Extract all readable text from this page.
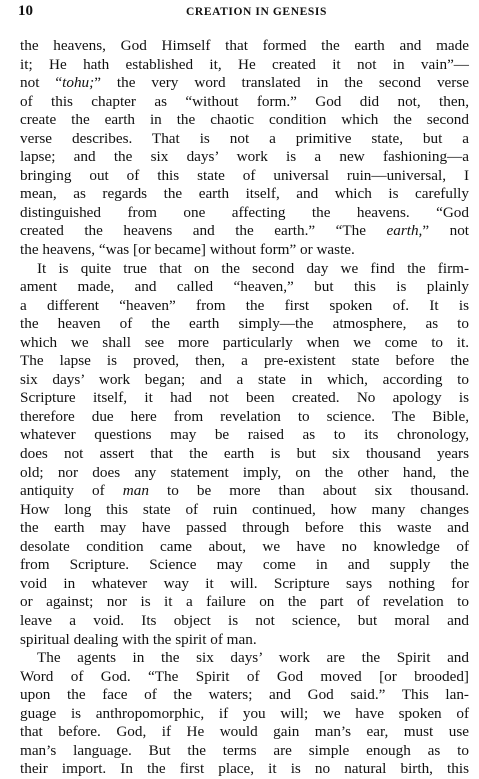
10	CREATION IN GENESIS
the heavens, God Himself that formed the earth and made
it; He hath established it, He created it not in vain”—
not “tohu;” the very word translated in the second verse
of this chapter as “without form.” God did not, then,
create the earth in the chaotic condition which the second
verse describes. That is not a primitive state, but a
lapse; and the six days’ work is a new fashioning—a
bringing out of this state of universal ruin—universal, I
mean, as regards the earth itself, and which is carefully
distinguished from one affecting the heavens. “God
created the heavens and the earth.” “The earth,” not
the heavens, “was [or became] without form” or waste.
It is quite true that on the second day we find the firm-
ament made, and called “heaven,” but this is plainly
a different “heaven” from the first spoken of. It is
the heaven of the earth simply—the atmosphere, as to
which we shall see more particularly when we come to it.
The lapse is proved, then, a pre-existent state before the
six days’ work began; and a state in which, according to
Scripture itself, it had not been created. No apology is
therefore due here from revelation to science. The Bible,
whatever questions may be raised as to its chronology,
does not assert that the earth is but six thousand years
old; nor does any statement imply, on the other hand, the
antiquity of man to be more than about six thousand.
How long this state of ruin continued, how many changes
the earth may have passed through before this waste and
desolate condition came about, we have no knowledge of
from Scripture. Science may come in and supply the
void in whatever way it will. Scripture says nothing for
or against; nor is it a failure on the part of revelation to
leave a void. Its object is not science, but moral and
spiritual dealing with the spirit of man.
The agents in the six days’ work are the Spirit and
Word of God. “The Spirit of God moved [or brooded]
upon the face of the waters; and God said.” This lan-
guage is anthropomorphic, if you will; we have spoken of
that before. God, if He would gain man’s ear, must use
man’s language. But the terms are simple enough as to
their import. In the first place, it is no natural birth, this
